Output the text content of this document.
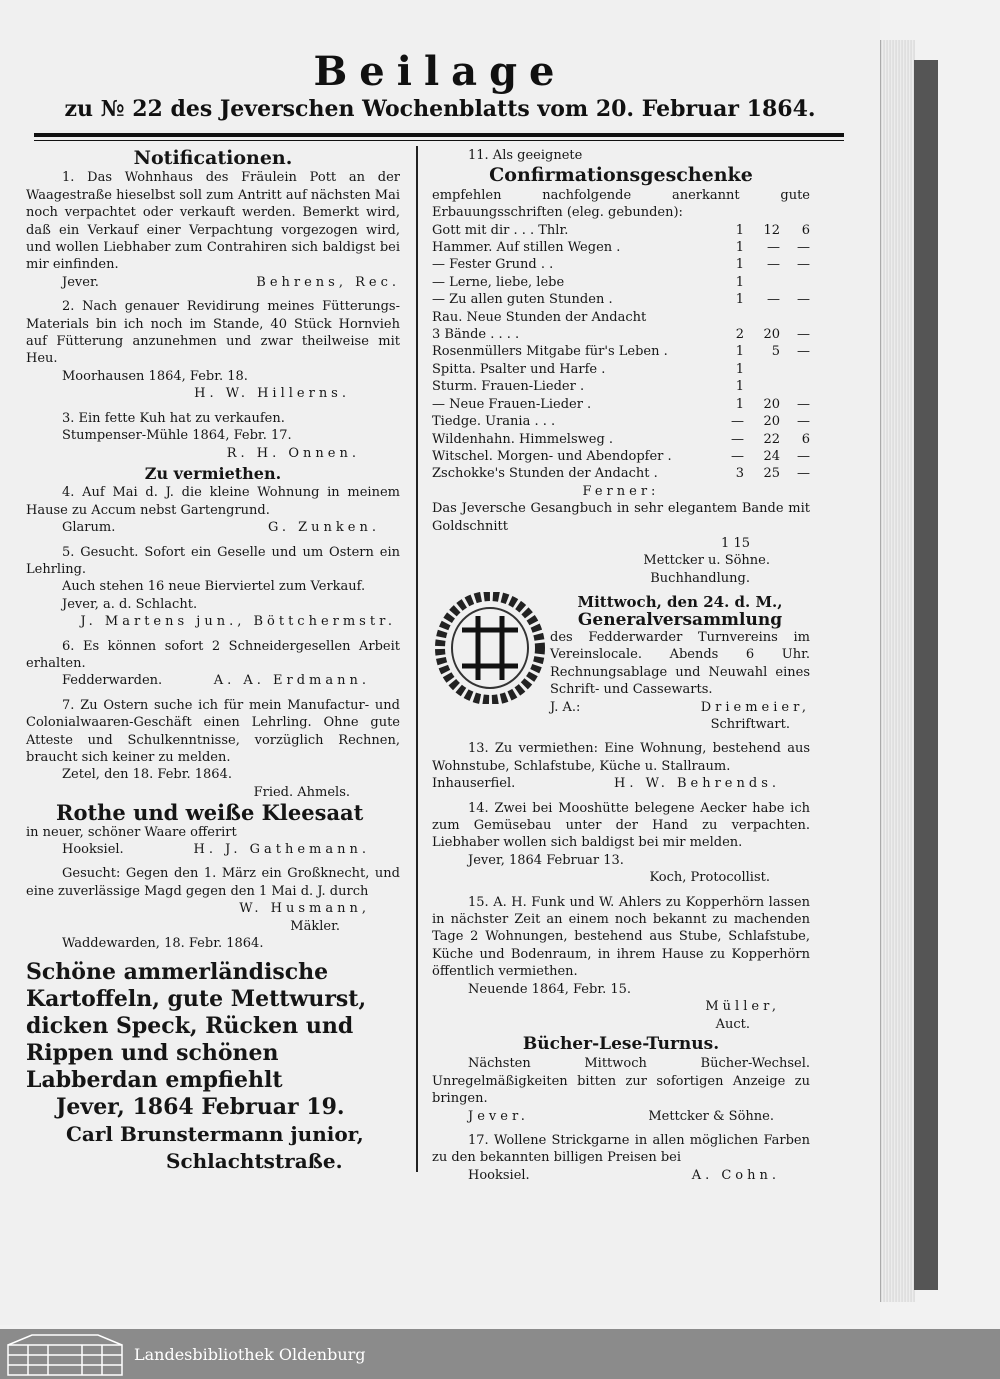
Beilage
zu № 22 des Jeverschen Wochenblatts vom 20. Februar 1864.
Notificationen.

1. Das Wohnhaus des Fräulein Pott an der Waagestraße hieselbst soll zum Antritt auf nächsten Mai noch verpachtet oder verkauft werden. Bemerkt wird, daß ein Verkauf einer Verpachtung vorgezogen wird, und wollen Liebhaber zum Contrahiren sich baldigst bei mir einfinden.

Jever.	Behrens, Rec.

2. Nach genauer Revidirung meines Fütterungs-Materials bin ich noch im Stande, 40 Stück Hornvieh auf Fütterung anzunehmen und zwar theilweise mit Heu.

Moorhausen 1864, Febr. 18.

H. W. Hillerns.

3. Ein fette Kuh hat zu verkaufen.

Stumpenser-Mühle 1864, Febr. 17.

R. H. Onnen.

Zu vermiethen.

4. Auf Mai d. J. die kleine Wohnung in meinem Hause zu Accum nebst Gartengrund.

Glarum.	G. Zunken.

5. Gesucht. Sofort ein Geselle und um Ostern ein Lehrling.

Auch stehen 16 neue Bierviertel zum Verkauf.

Jever, a. d. Schlacht.

J. Martens jun., Böttchermstr.

6. Es können sofort 2 Schneidergesellen Arbeit erhalten.

Fedderwarden.	A. A. Erdmann.

7. Zu Ostern suche ich für mein Manufactur- und Colonialwaaren-Geschäft einen Lehrling. Ohne gute Atteste und Schulkenntnisse, vorzüglich Rechnen, braucht sich keiner zu melden.

Zetel, den 18. Febr. 1864.

Fried. Ahmels.

Rothe und weiße Kleesaat

in neuer, schöner Waare offerirt

Hooksiel.	H. J. Gathemann.

Gesucht: Gegen den 1. März ein Großknecht, und eine zuverlässige Magd gegen den 1 Mai d. J. durch

W. Husmann,

Mäkler.

Waddewarden, 18. Febr. 1864.

Schöne ammerländische Kartoffeln, gute Mettwurst, dicken Speck, Rücken und Rippen und schönen Labberdan empfiehlt

Jever, 1864 Februar 19.

Carl Brunstermann junior,

Schlachtstraße.

11. Als geeignete

Confirmationsgeschenke

empfehlen nachfolgende anerkannt gute Erbauungsschriften (eleg. gebunden):

Gott mit dir . . . Thlr.	1	12	6
Hammer. Auf stillen Wegen .	1	—	—
— Fester Grund . .	1	—	—
— Lerne, liebe, lebe	1
— Zu allen guten Stunden .	1	—	—
Rau. Neue Stunden der Andacht
3 Bände . . . .	2	20	—
Rosenmüllers Mitgabe für's Leben .	1	5	—
Spitta. Psalter und Harfe .	1
Sturm. Frauen-Lieder .	1
— Neue Frauen-Lieder .	1	20	—
Tiedge. Urania . . .	—	20	—
Wildenhahn. Himmelsweg .	—	22	6
Witschel. Morgen- und Abendopfer .	—	24	—
Zschokke's Stunden der Andacht .	3	25	—

Ferner:

Das Jeversche Gesangbuch in sehr elegantem Bande mit Goldschnitt

1 15

Mettcker u. Söhne.

Buchhandlung.

Mittwoch, den 24. d. M.,

Generalversammlung

des Fedderwarder Turnvereins im Vereinslocale. Abends 6 Uhr. Rechnungsablage und Neuwahl eines Schrift- und Cassewarts.

J. A.:	Driemeier,

Schriftwart.

13. Zu vermiethen: Eine Wohnung, bestehend aus Wohnstube, Schlafstube, Küche u. Stallraum.

Inhauserfiel.	H. W. Behrends.

14. Zwei bei Mooshütte belegene Aecker habe ich zum Gemüsebau unter der Hand zu verpachten. Liebhaber wollen sich baldigst bei mir melden.

Jever, 1864 Februar 13.

Koch, Protocollist.

15. A. H. Funk und W. Ahlers zu Kopperhörn lassen in nächster Zeit an einem noch bekannt zu machenden Tage 2 Wohnungen, bestehend aus Stube, Schlafstube, Küche und Bodenraum, in ihrem Hause zu Kopperhörn öffentlich vermiethen.

Neuende 1864, Febr. 15.

Müller,

Auct.

Bücher-Lese-Turnus.

Nächsten Mittwoch Bücher-Wechsel. Unregelmäßigkeiten bitten zur sofortigen Anzeige zu bringen.

Jever.	Mettcker & Söhne.

17. Wollene Strickgarne in allen möglichen Farben zu den bekannten billigen Preisen bei

Hooksiel.	A. Cohn.
Landesbibliothek Oldenburg
